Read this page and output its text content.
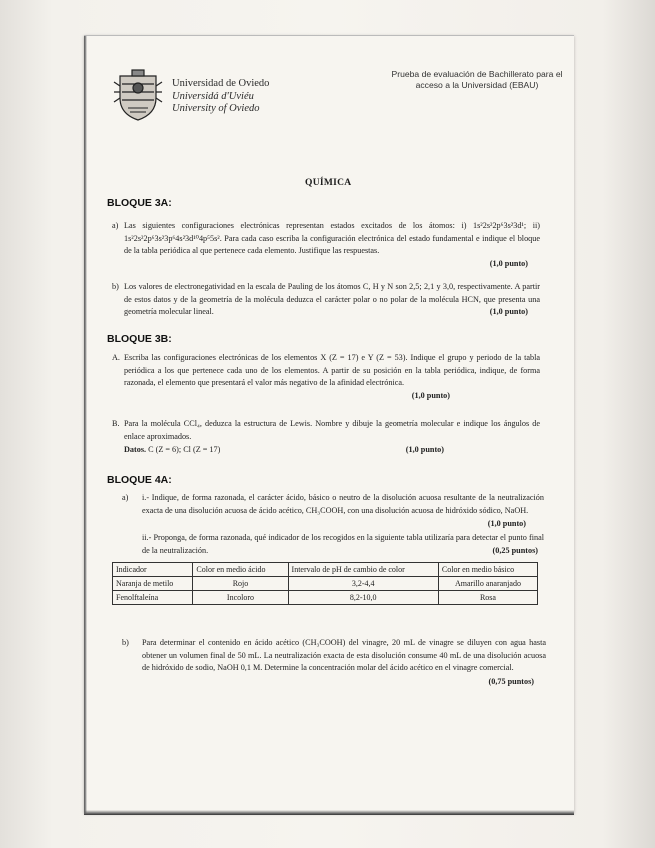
Universidad de Oviedo
Universidá d'Uviéu
University of Oviedo
Prueba de evaluación de Bachillerato para el
acceso a la Universidad (EBAU)
QUÍMICA
BLOQUE 3A:
a) Las siguientes configuraciones electrónicas representan estados excitados de los átomos: i) 1s²2s²2p⁶3s²3d¹; ii) 1s²2s²2p⁶3s²3p⁶4s²3d¹⁰4p⁵5s². Para cada caso escriba la configuración electrónica del estado fundamental e indique el bloque de la tabla periódica al que pertenece cada elemento. Justifique las respuestas.
(1,0 punto)
b) Los valores de electronegatividad en la escala de Pauling de los átomos C, H y N son 2,5; 2,1 y 3,0, respectivamente. A partir de estos datos y de la geometría de la molécula deduzca el carácter polar o no polar de la molécula HCN, que presenta una geometría molecular lineal.	(1,0 punto)
BLOQUE 3B:
A. Escriba las configuraciones electrónicas de los elementos X (Z = 17) e Y (Z = 53). Indique el grupo y periodo de la tabla periódica a los que pertenece cada uno de los elementos. A partir de su posición en la tabla periódica, indique, de forma razonada, el elemento que presentará el valor más negativo de la afinidad electrónica.
(1,0 punto)
B. Para la molécula CCl₄, deduzca la estructura de Lewis. Nombre y dibuje la geometría molecular e indique los ángulos de enlace aproximados.
Datos. C (Z = 6); Cl (Z = 17)	(1,0 punto)
BLOQUE 4A:
a) i.- Indique, de forma razonada, el carácter ácido, básico o neutro de la disolución acuosa resultante de la neutralización exacta de una disolución acuosa de ácido acético, CH₃COOH, con una disolución acuosa de hidróxido sódico, NaOH.
(1,0 punto)
ii.- Proponga, de forma razonada, qué indicador de los recogidos en la siguiente tabla utilizaría para detectar el punto final de la neutralización.	(0,25 puntos)
Indicador	Color en medio ácido	Intervalo de pH de cambio de color	Color en medio básico
Naranja de metilo	Rojo	3,2-4,4	Amarillo anaranjado
Fenolftaleína	Incoloro	8,2-10,0	Rosa
b) Para determinar el contenido en ácido acético (CH₃COOH) del vinagre, 20 mL de vinagre se diluyen con agua hasta obtener un volumen final de 50 mL. La neutralización exacta de esta disolución consume 40 mL de una disolución acuosa de hidróxido de sodio, NaOH 0,1 M. Determine la concentración molar del ácido acético en el vinagre comercial.
(0,75 puntos)
